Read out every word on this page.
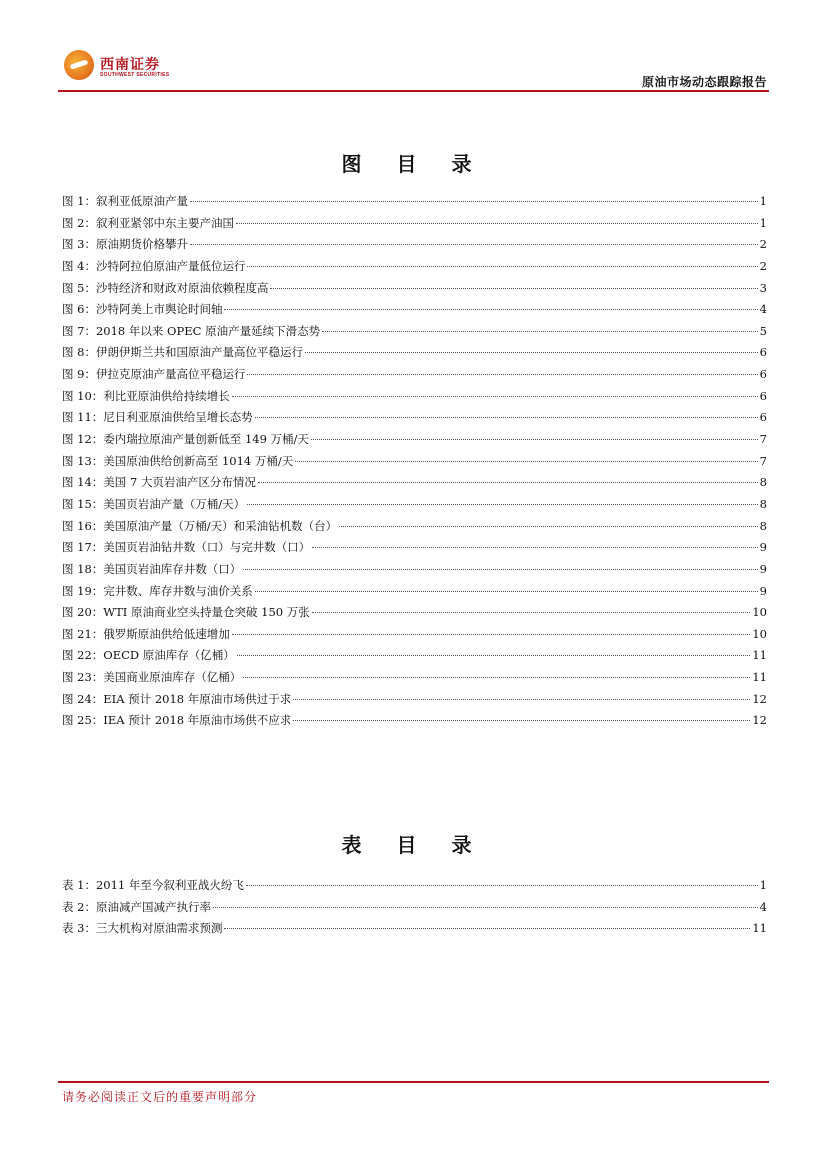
西南证券
SOUTHWEST SECURITIES	原油市场动态跟踪报告
图 目 录
图 1：叙利亚低原油产量	1
图 2：叙利亚紧邻中东主要产油国	1
图 3：原油期货价格攀升	2
图 4：沙特阿拉伯原油产量低位运行	2
图 5：沙特经济和财政对原油依赖程度高	3
图 6：沙特阿美上市舆论时间轴	4
图 7：2018 年以来 OPEC 原油产量延续下滑态势	5
图 8：伊朗伊斯兰共和国原油产量高位平稳运行	6
图 9：伊拉克原油产量高位平稳运行	6
图 10：利比亚原油供给持续增长	6
图 11：尼日利亚原油供给呈增长态势	6
图 12：委内瑞拉原油产量创新低至 149 万桶/天	7
图 13：美国原油供给创新高至 1014 万桶/天	7
图 14：美国 7 大页岩油产区分布情况	8
图 15：美国页岩油产量（万桶/天）	8
图 16：美国原油产量（万桶/天）和采油钻机数（台）	8
图 17：美国页岩油钻井数（口）与完井数（口）	9
图 18：美国页岩油库存井数（口）	9
图 19：完井数、库存井数与油价关系	9
图 20：WTI 原油商业空头持量仓突破 150 万张	10
图 21：俄罗斯原油供给低速增加	10
图 22：OECD 原油库存（亿桶）	11
图 23：美国商业原油库存（亿桶）	11
图 24：EIA 预计 2018 年原油市场供过于求	12
图 25：IEA 预计 2018 年原油市场供不应求	12
表 目 录
表 1：2011 年至今叙利亚战火纷飞	1
表 2：原油减产国减产执行率	4
表 3：三大机构对原油需求预测	11
请务必阅读正文后的重要声明部分
